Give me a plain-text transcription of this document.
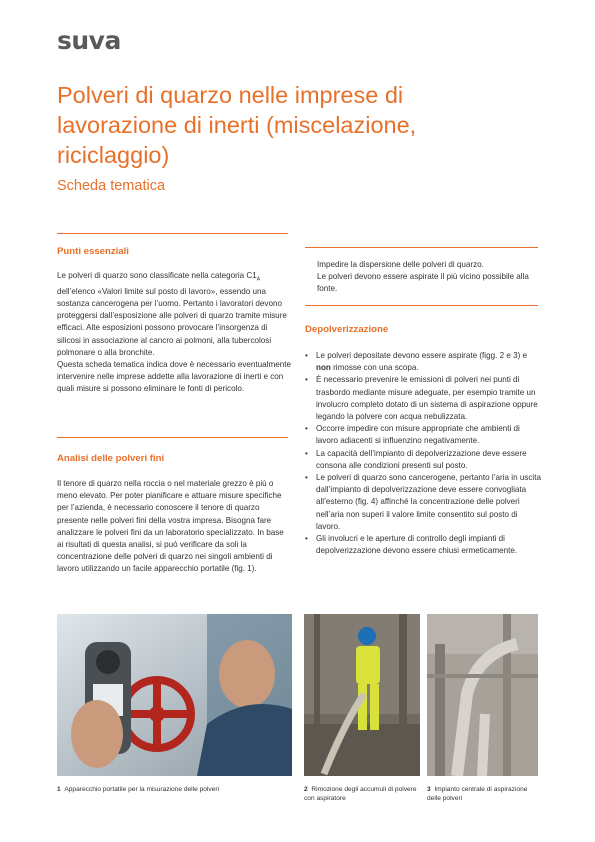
suva
Polveri di quarzo nelle imprese di lavorazione di inerti (miscelazione, riciclaggio)
Scheda tematica
Punti essenziali

Le polveri di quarzo sono classificate nella categoria $C1_A$ dell’elenco «Valori limite sul posto di lavoro», essendo una sostanza cancerogena per l’uomo. Pertanto i lavoratori devono proteggersi dall’esposizione alle polveri di quarzo tramite misure efficaci. Alte esposizioni possono provocare l’insorgenza di silicosi in associazione al cancro ai polmoni, alla tubercolosi polmonare o alla bronchite.

Questa scheda tematica indica dove è necessario eventualmente intervenire nelle imprese addette alla lavorazione di inerti e con quali misure si possono eliminare le fonti di pericolo.

Analisi delle polveri fini
Il tenore di quarzo nella roccia o nel materiale grezzo è più o meno elevato. Per poter pianificare e attuare misure specifiche per l’azienda, è necessario conoscere il tenore di quarzo presente nelle polveri fini della vostra impresa. Bisogna fare analizzare le polveri fini da un laboratorio specializzato. In base ai risultati di questa analisi, si può verificare da soli la concentrazione delle polveri di quarzo nei singoli ambienti di lavoro utilizzando un facile apparecchio portatile (fig. 1).
Impedire la dispersione delle polveri di quarzo.
Le polveri devono essere aspirate il più vicino possibile alla fonte.
Depolverizzazione
• Le polveri depositate devono essere aspirate (figg. 2 e 3) e non rimosse con una scopa.
• È necessario prevenire le emissioni di polveri nei punti di trasbordo mediante misure adeguate, per esempio tramite un involucro completo dotato di un sistema di aspirazione oppure legando la polvere con acqua nebulizzata.
• Occorre impedire con misure appropriate che ambienti di lavoro adiacenti si influenzino negativamente.
• La capacità dell’impianto di depolverizzazione deve essere consona alle condizioni presenti sul posto.
• Le polveri di quarzo sono cancerogene, pertanto l’aria in uscita dall’impianto di depolverizzazione deve essere convogliata all’esterno (fig. 4) affinché la concentrazione delle polveri nell’aria non superi il valore limite consentito sul posto di lavoro.
• Gli involucri e le aperture di controllo degli impianti di depolverizzazione devono essere chiusi ermeticamente.
1 Apparecchio portatile per la misurazione delle polveri	2 Rimozione degli accumuli di polvere con aspiratore
3 Impianto centrale di aspirazione delle polveri
